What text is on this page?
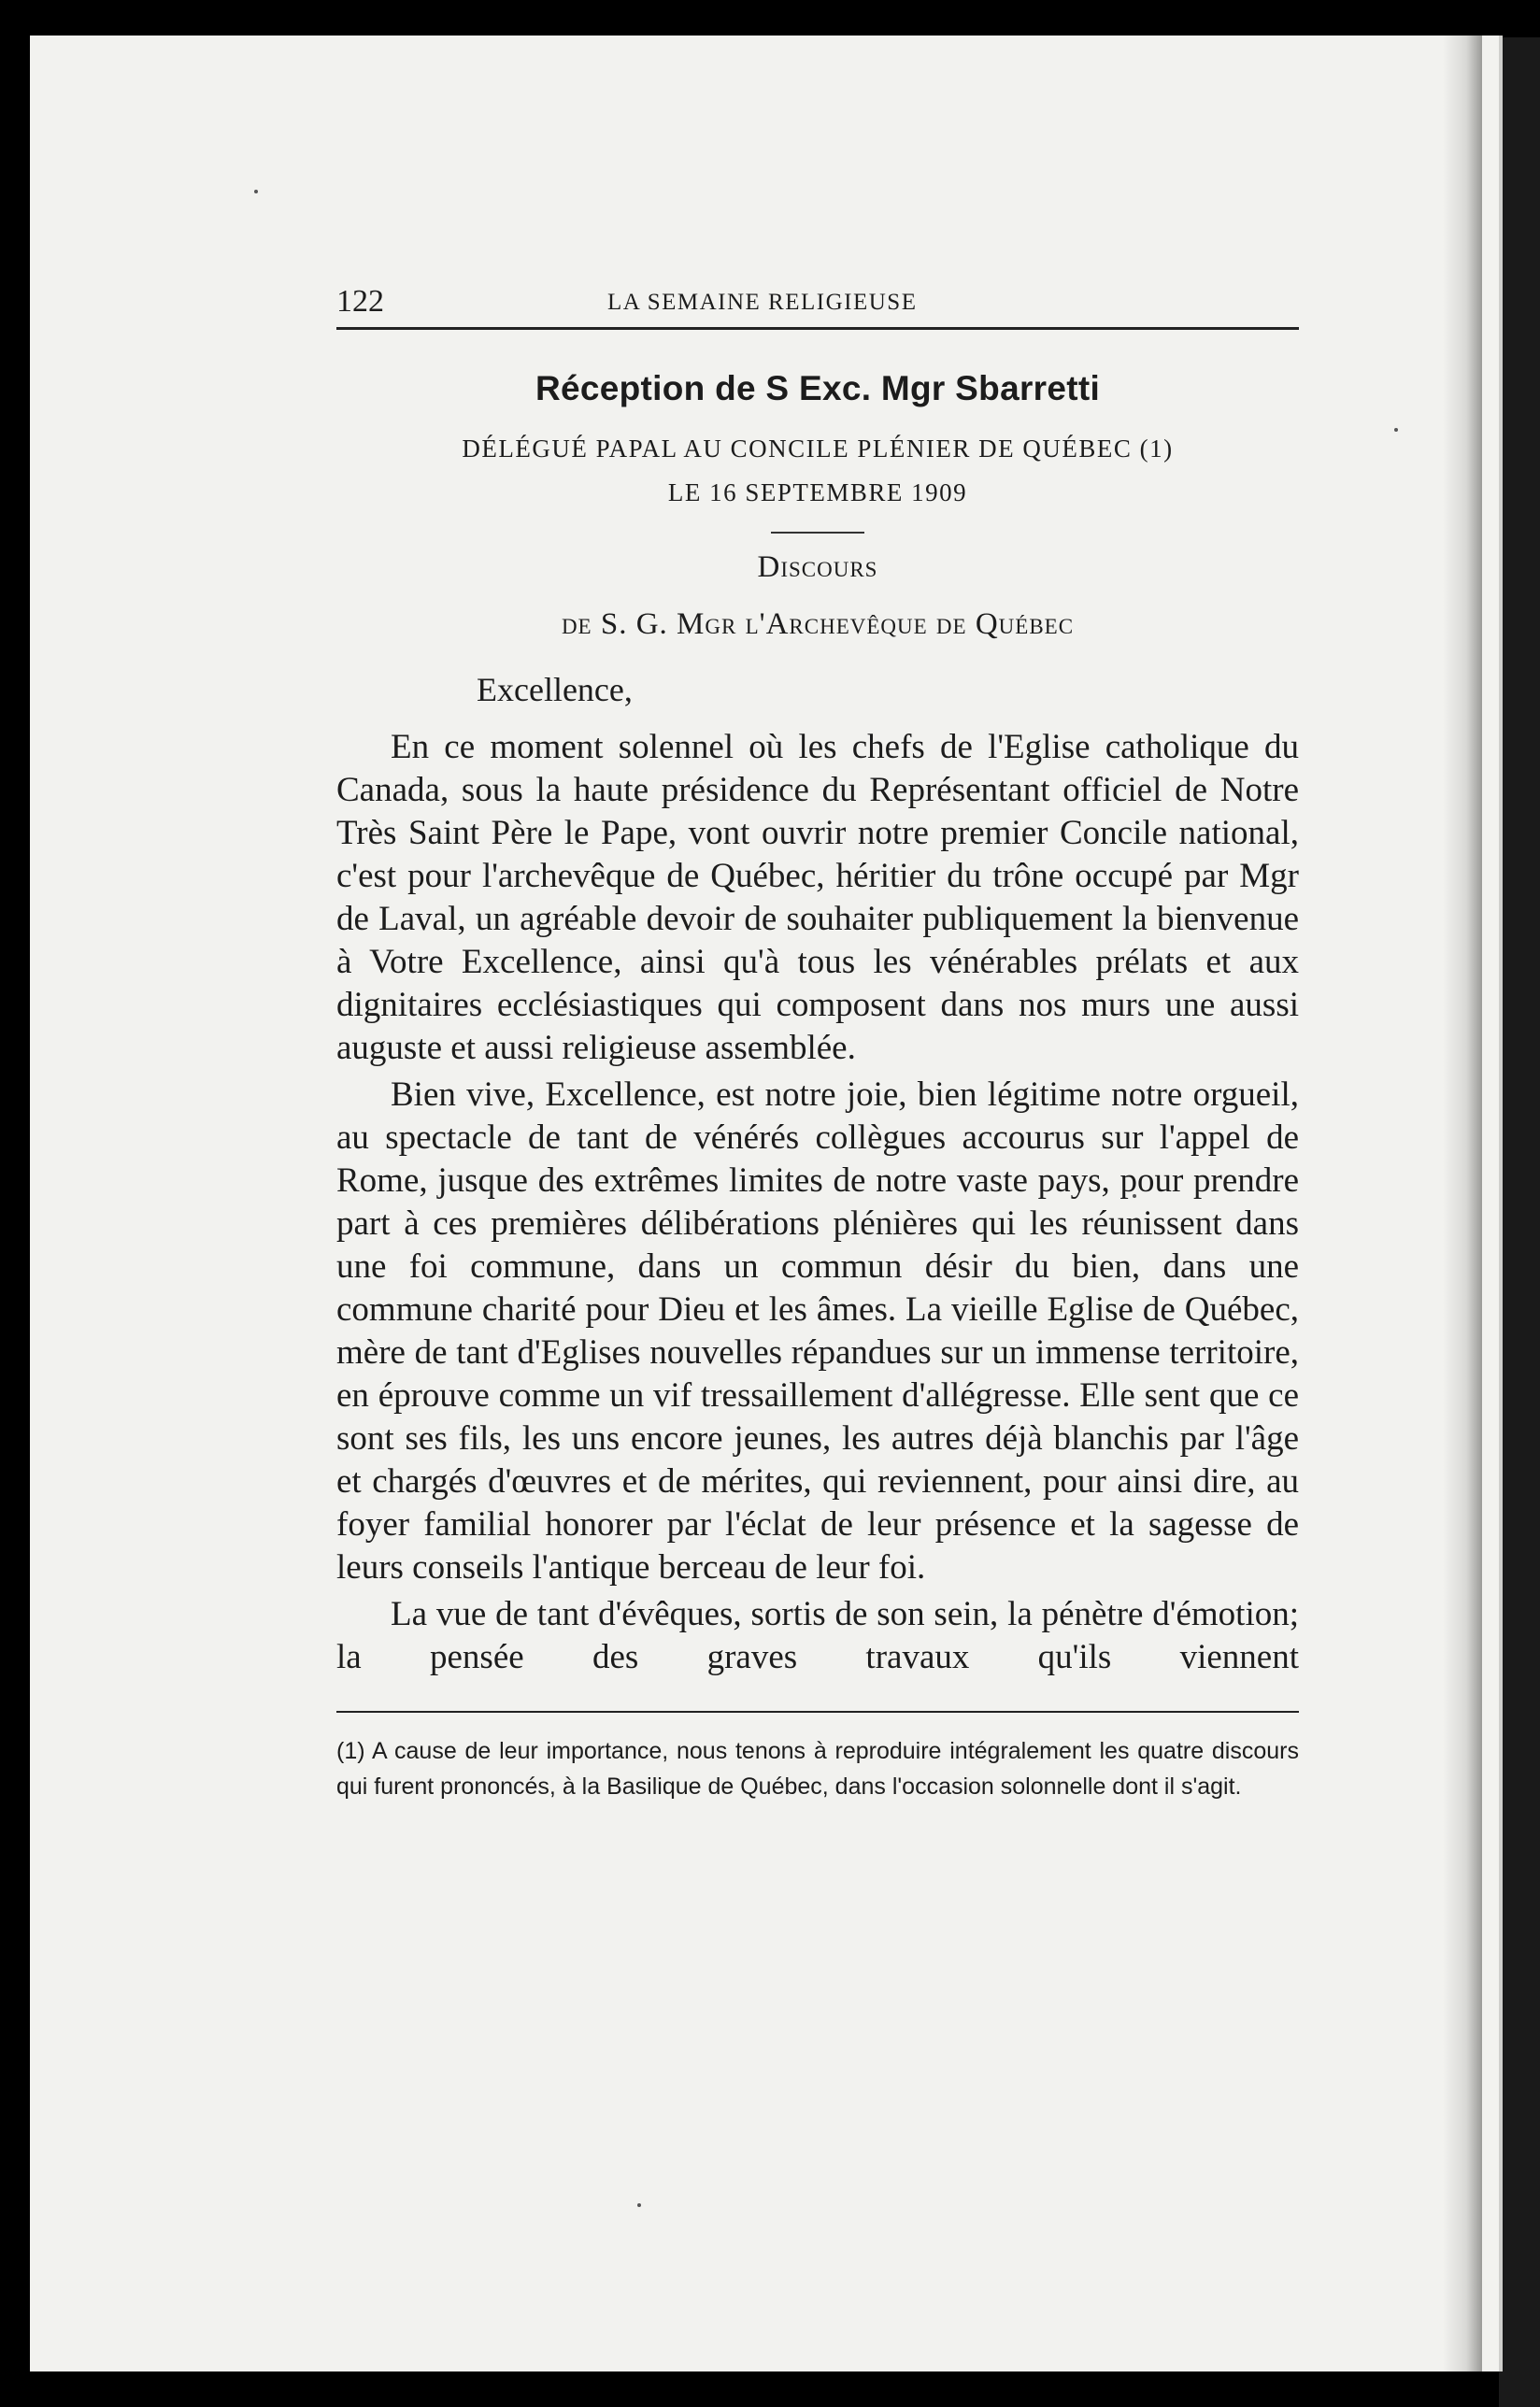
122	LA SEMAINE RELIGIEUSE
Réception de S Exc. Mgr Sbarretti
DÉLÉGUÉ PAPAL AU CONCILE PLÉNIER DE QUÉBEC (1)
LE 16 SEPTEMBRE 1909
Discours
de S. G. Mgr l'Archevêque de Québec
Excellence,

En ce moment solennel où les chefs de l'Eglise catholique du Canada, sous la haute présidence du Représentant officiel de Notre Très Saint Père le Pape, vont ouvrir notre premier Concile national, c'est pour l'archevêque de Québec, héritier du trône occupé par Mgr de Laval, un agréable devoir de souhaiter publiquement la bienvenue à Votre Excellence, ainsi qu'à tous les vénérables prélats et aux dignitaires ecclésiastiques qui composent dans nos murs une aussi auguste et aussi religieuse assemblée.

Bien vive, Excellence, est notre joie, bien légitime notre orgueil, au spectacle de tant de vénérés collègues accourus sur l'appel de Rome, jusque des extrêmes limites de notre vaste pays, pour prendre part à ces premières délibérations plénières qui les réunissent dans une foi commune, dans un commun désir du bien, dans une commune charité pour Dieu et les âmes. La vieille Eglise de Québec, mère de tant d'Eglises nouvelles répandues sur un immense territoire, en éprouve comme un vif tressaillement d'allégresse. Elle sent que ce sont ses fils, les uns encore jeunes, les autres déjà blanchis par l'âge et chargés d'œuvres et de mérites, qui reviennent, pour ainsi dire, au foyer familial honorer par l'éclat de leur présence et la sagesse de leurs conseils l'antique berceau de leur foi.

La vue de tant d'évêques, sortis de son sein, la pénètre d'émotion; la pensée des graves travaux qu'ils viennent

(1) A cause de leur importance, nous tenons à reproduire intégralement les quatre discours qui furent prononcés, à la Basilique de Québec, dans l'occasion solonnelle dont il s'agit.
